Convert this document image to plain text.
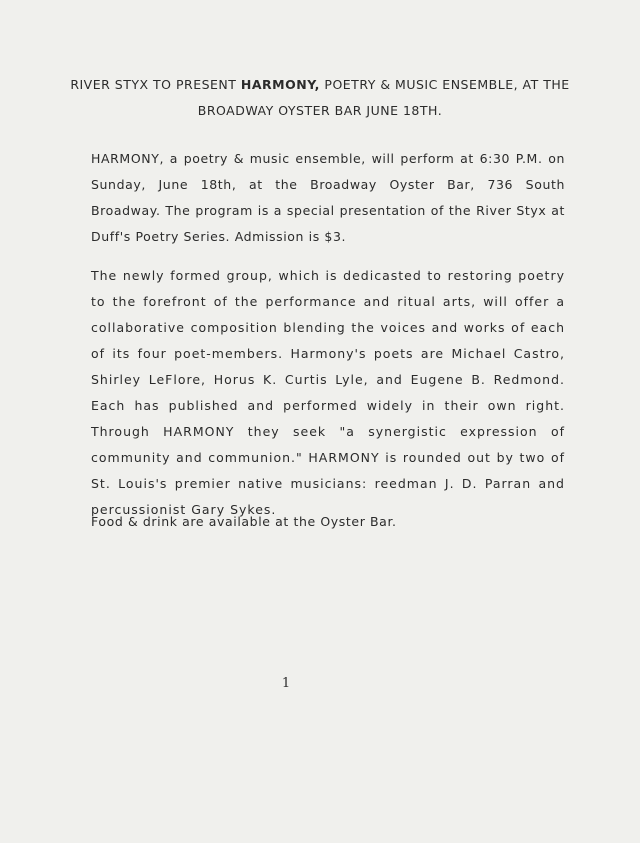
RIVER STYX TO PRESENT HARMONY, POETRY & MUSIC ENSEMBLE, AT THE
BROADWAY OYSTER BAR JUNE 18TH.

HARMONY, a poetry & music ensemble, will perform at 6:30 P.M. on Sunday, June 18th, at the Broadway Oyster Bar, 736 South Broadway. The program is a special presentation of the River Styx at Duff's Poetry Series. Admission is $3.

The newly formed group, which is dedicasted to restoring poetry to the forefront of the performance and ritual arts, will offer a collaborative composition blending the voices and works of each of its four poet-members. Harmony's poets are Michael Castro, Shirley LeFlore, Horus K. Curtis Lyle, and Eugene B. Redmond. Each has published and performed widely in their own right. Through HARMONY they seek "a synergistic expression of community and communion." HARMONY is rounded out by two of St. Louis's premier native musicians: reedman J. D. Parran and percussionist Gary Sykes.

Food & drink are available at the Oyster Bar.

1
